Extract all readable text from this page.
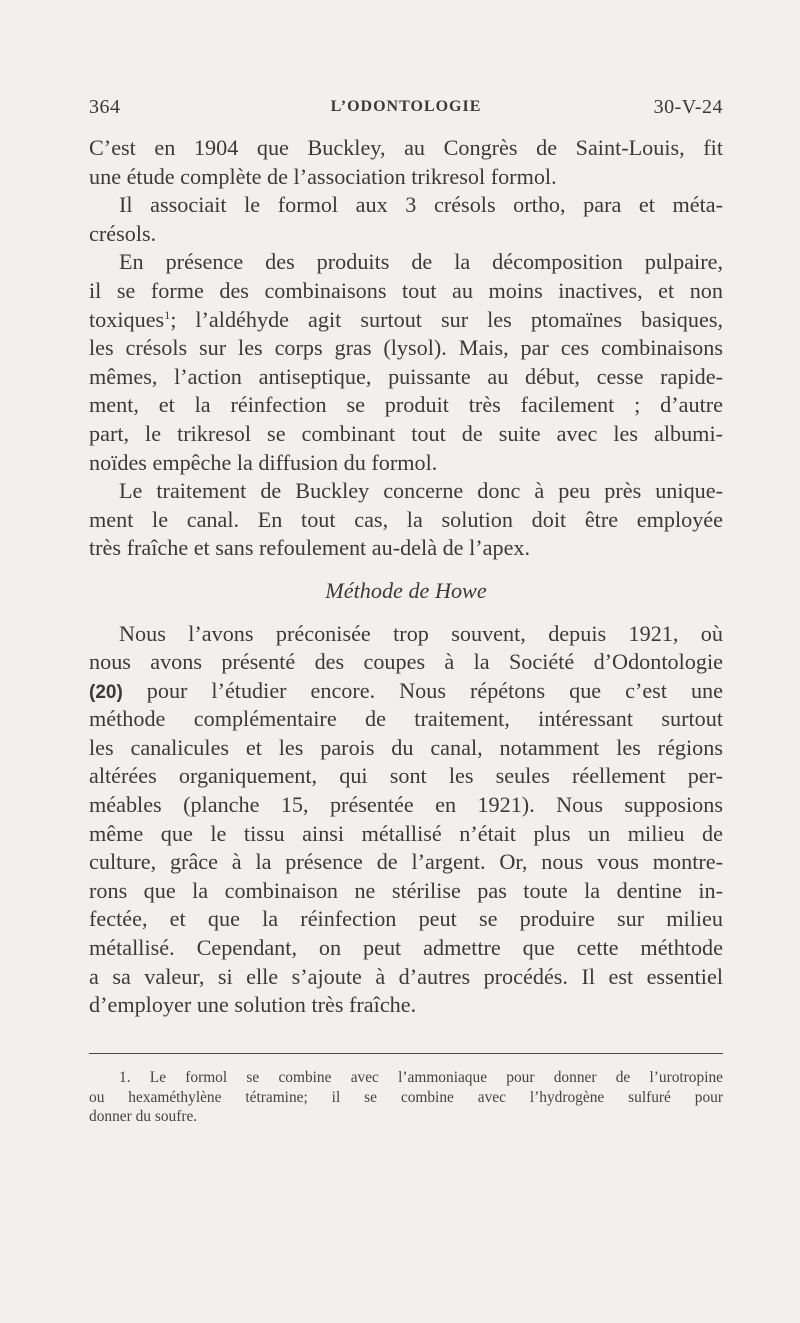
364	L’ODONTOLOGIE	30-V-24
C’est en 1904 que Buckley, au Congrès de Saint-Louis, fit
une étude complète de l’association trikresol formol.
Il associait le formol aux 3 crésols ortho, para et méta-
crésols.
En présence des produits de la décomposition pulpaire,
il se forme des combinaisons tout au moins inactives, et non
toxiques$^1$; l’aldéhyde agit surtout sur les ptomaïnes basiques,
les crésols sur les corps gras (lysol). Mais, par ces combinaisons
mêmes, l’action antiseptique, puissante au début, cesse rapide-
ment, et la réinfection se produit très facilement ; d’autre
part, le trikresol se combinant tout de suite avec les albumi-
noïdes empêche la diffusion du formol.
Le traitement de Buckley concerne donc à peu près unique-
ment le canal. En tout cas, la solution doit être employée
très fraîche et sans refoulement au-delà de l’apex.
Méthode de Howe
Nous l’avons préconisée trop souvent, depuis 1921, où
nous avons présenté des coupes à la Société d’Odontologie
(20) pour l’étudier encore. Nous répétons que c’est une
méthode complémentaire de traitement, intéressant surtout
les canalicules et les parois du canal, notamment les régions
altérées organiquement, qui sont les seules réellement per-
méables (planche 15, présentée en 1921). Nous supposions
même que le tissu ainsi métallisé n’était plus un milieu de
culture, grâce à la présence de l’argent. Or, nous vous montre-
rons que la combinaison ne stérilise pas toute la dentine in-
fectée, et que la réinfection peut se produire sur milieu
métallisé. Cependant, on peut admettre que cette méthtode
a sa valeur, si elle s’ajoute à d’autres procédés. Il est essentiel
d’employer une solution très fraîche.
1. Le formol se combine avec l’ammoniaque pour donner de l’urotropine
ou hexaméthylène tétramine; il se combine avec l’hydrogène sulfuré pour
donner du soufre.
